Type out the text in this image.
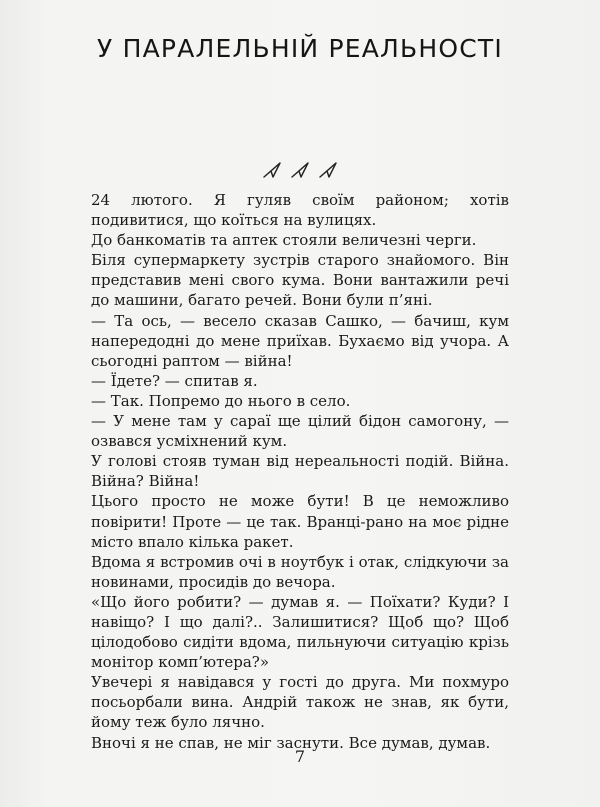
У ПАРАЛЕЛЬНІЙ РЕАЛЬНОСТІ

24 лютого. Я гуляв своїм районом; хотів подивитися, що коїться на вулицях.

До банкоматів та аптек стояли величезні черги.

Біля супермаркету зустрів старого знайомого. Він представив мені свого кума. Вони вантажили речі до машини, багато речей. Вони були п’яні.

— Та ось, — весело сказав Сашко, — бачиш, кум напередодні до мене приїхав. Бухаємо від учора. А сьогодні раптом — війна!

— Їдете? — спитав я.

— Так. Попремо до нього в село.

— У мене там у сараї ще цілий бідон самогону, — озвався усміхнений кум.

У голові стояв туман від нереальності подій. Війна. Війна? Війна!

Цього просто не може бути! В це неможливо повірити! Проте — це так. Вранці-рано на моє рідне місто впало кілька ракет.

Вдома я встромив очі в ноутбук і отак, слідкуючи за новинами, просидів до вечора.

«Що його робити? — думав я. — Поїхати? Куди? І навіщо? І що далі?.. Залишитися? Щоб що? Щоб цілодобово сидіти вдома, пильнуючи ситуацію крізь монітор комп’ютера?»

Увечері я навідався у гості до друга. Ми похмуро посьорбали вина. Андрій також не знав, як бути, йому теж було лячно.

Вночі я не спав, не міг заснути. Все думав, думав.

7
